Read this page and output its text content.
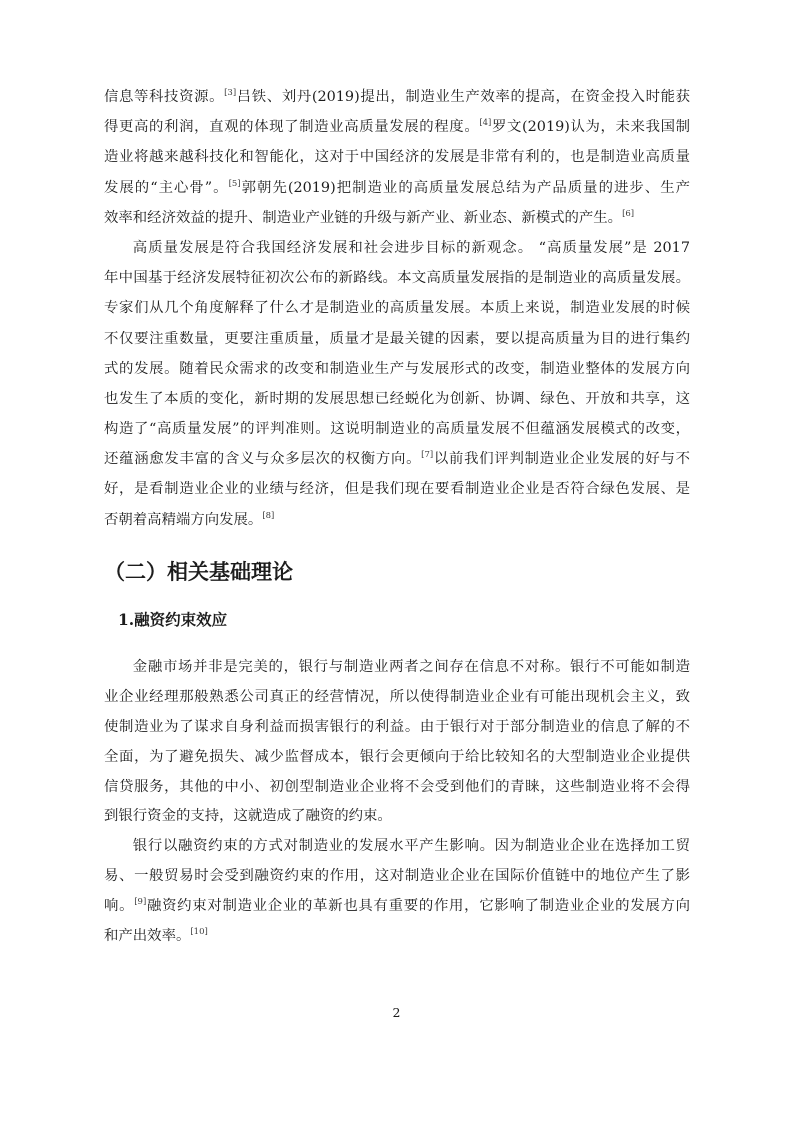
信息等科技资源。[3]吕铁、刘丹(2019)提出，制造业生产效率的提高，在资金投入时能获
得更高的利润，直观的体现了制造业高质量发展的程度。[4]罗文(2019)认为，未来我国制
造业将越来越科技化和智能化，这对于中国经济的发展是非常有利的，也是制造业高质量
发展的“主心骨”。[5]郭朝先(2019)把制造业的高质量发展总结为产品质量的进步、生产
效率和经济效益的提升、制造业产业链的升级与新产业、新业态、新模式的产生。[6]
高质量发展是符合我国经济发展和社会进步目标的新观念。 “高质量发展”是 2017
年中国基于经济发展特征初次公布的新路线。本文高质量发展指的是制造业的高质量发展。
专家们从几个角度解释了什么才是制造业的高质量发展。本质上来说，制造业发展的时候
不仅要注重数量，更要注重质量，质量才是最关键的因素，要以提高质量为目的进行集约
式的发展。随着民众需求的改变和制造业生产与发展形式的改变，制造业整体的发展方向
也发生了本质的变化，新时期的发展思想已经蜕化为创新、协调、绿色、开放和共享，这
构造了“高质量发展”的评判准则。这说明制造业的高质量发展不但蕴涵发展模式的改变，
还蕴涵愈发丰富的含义与众多层次的权衡方向。[7]以前我们评判制造业企业发展的好与不
好，是看制造业企业的业绩与经济，但是我们现在要看制造业企业是否符合绿色发展、是
否朝着高精端方向发展。[8]
（二）相关基础理论
1.融资约束效应
金融市场并非是完美的，银行与制造业两者之间存在信息不对称。银行不可能如制造
业企业经理那般熟悉公司真正的经营情况，所以使得制造业企业有可能出现机会主义，致
使制造业为了谋求自身利益而损害银行的利益。由于银行对于部分制造业的信息了解的不
全面，为了避免损失、减少监督成本，银行会更倾向于给比较知名的大型制造业企业提供
信贷服务，其他的中小、初创型制造业企业将不会受到他们的青睐，这些制造业将不会得
到银行资金的支持，这就造成了融资的约束。
银行以融资约束的方式对制造业的发展水平产生影响。因为制造业企业在选择加工贸
易、一般贸易时会受到融资约束的作用，这对制造业企业在国际价值链中的地位产生了影
响。[9]融资约束对制造业企业的革新也具有重要的作用，它影响了制造业企业的发展方向
和产出效率。[10]
2
